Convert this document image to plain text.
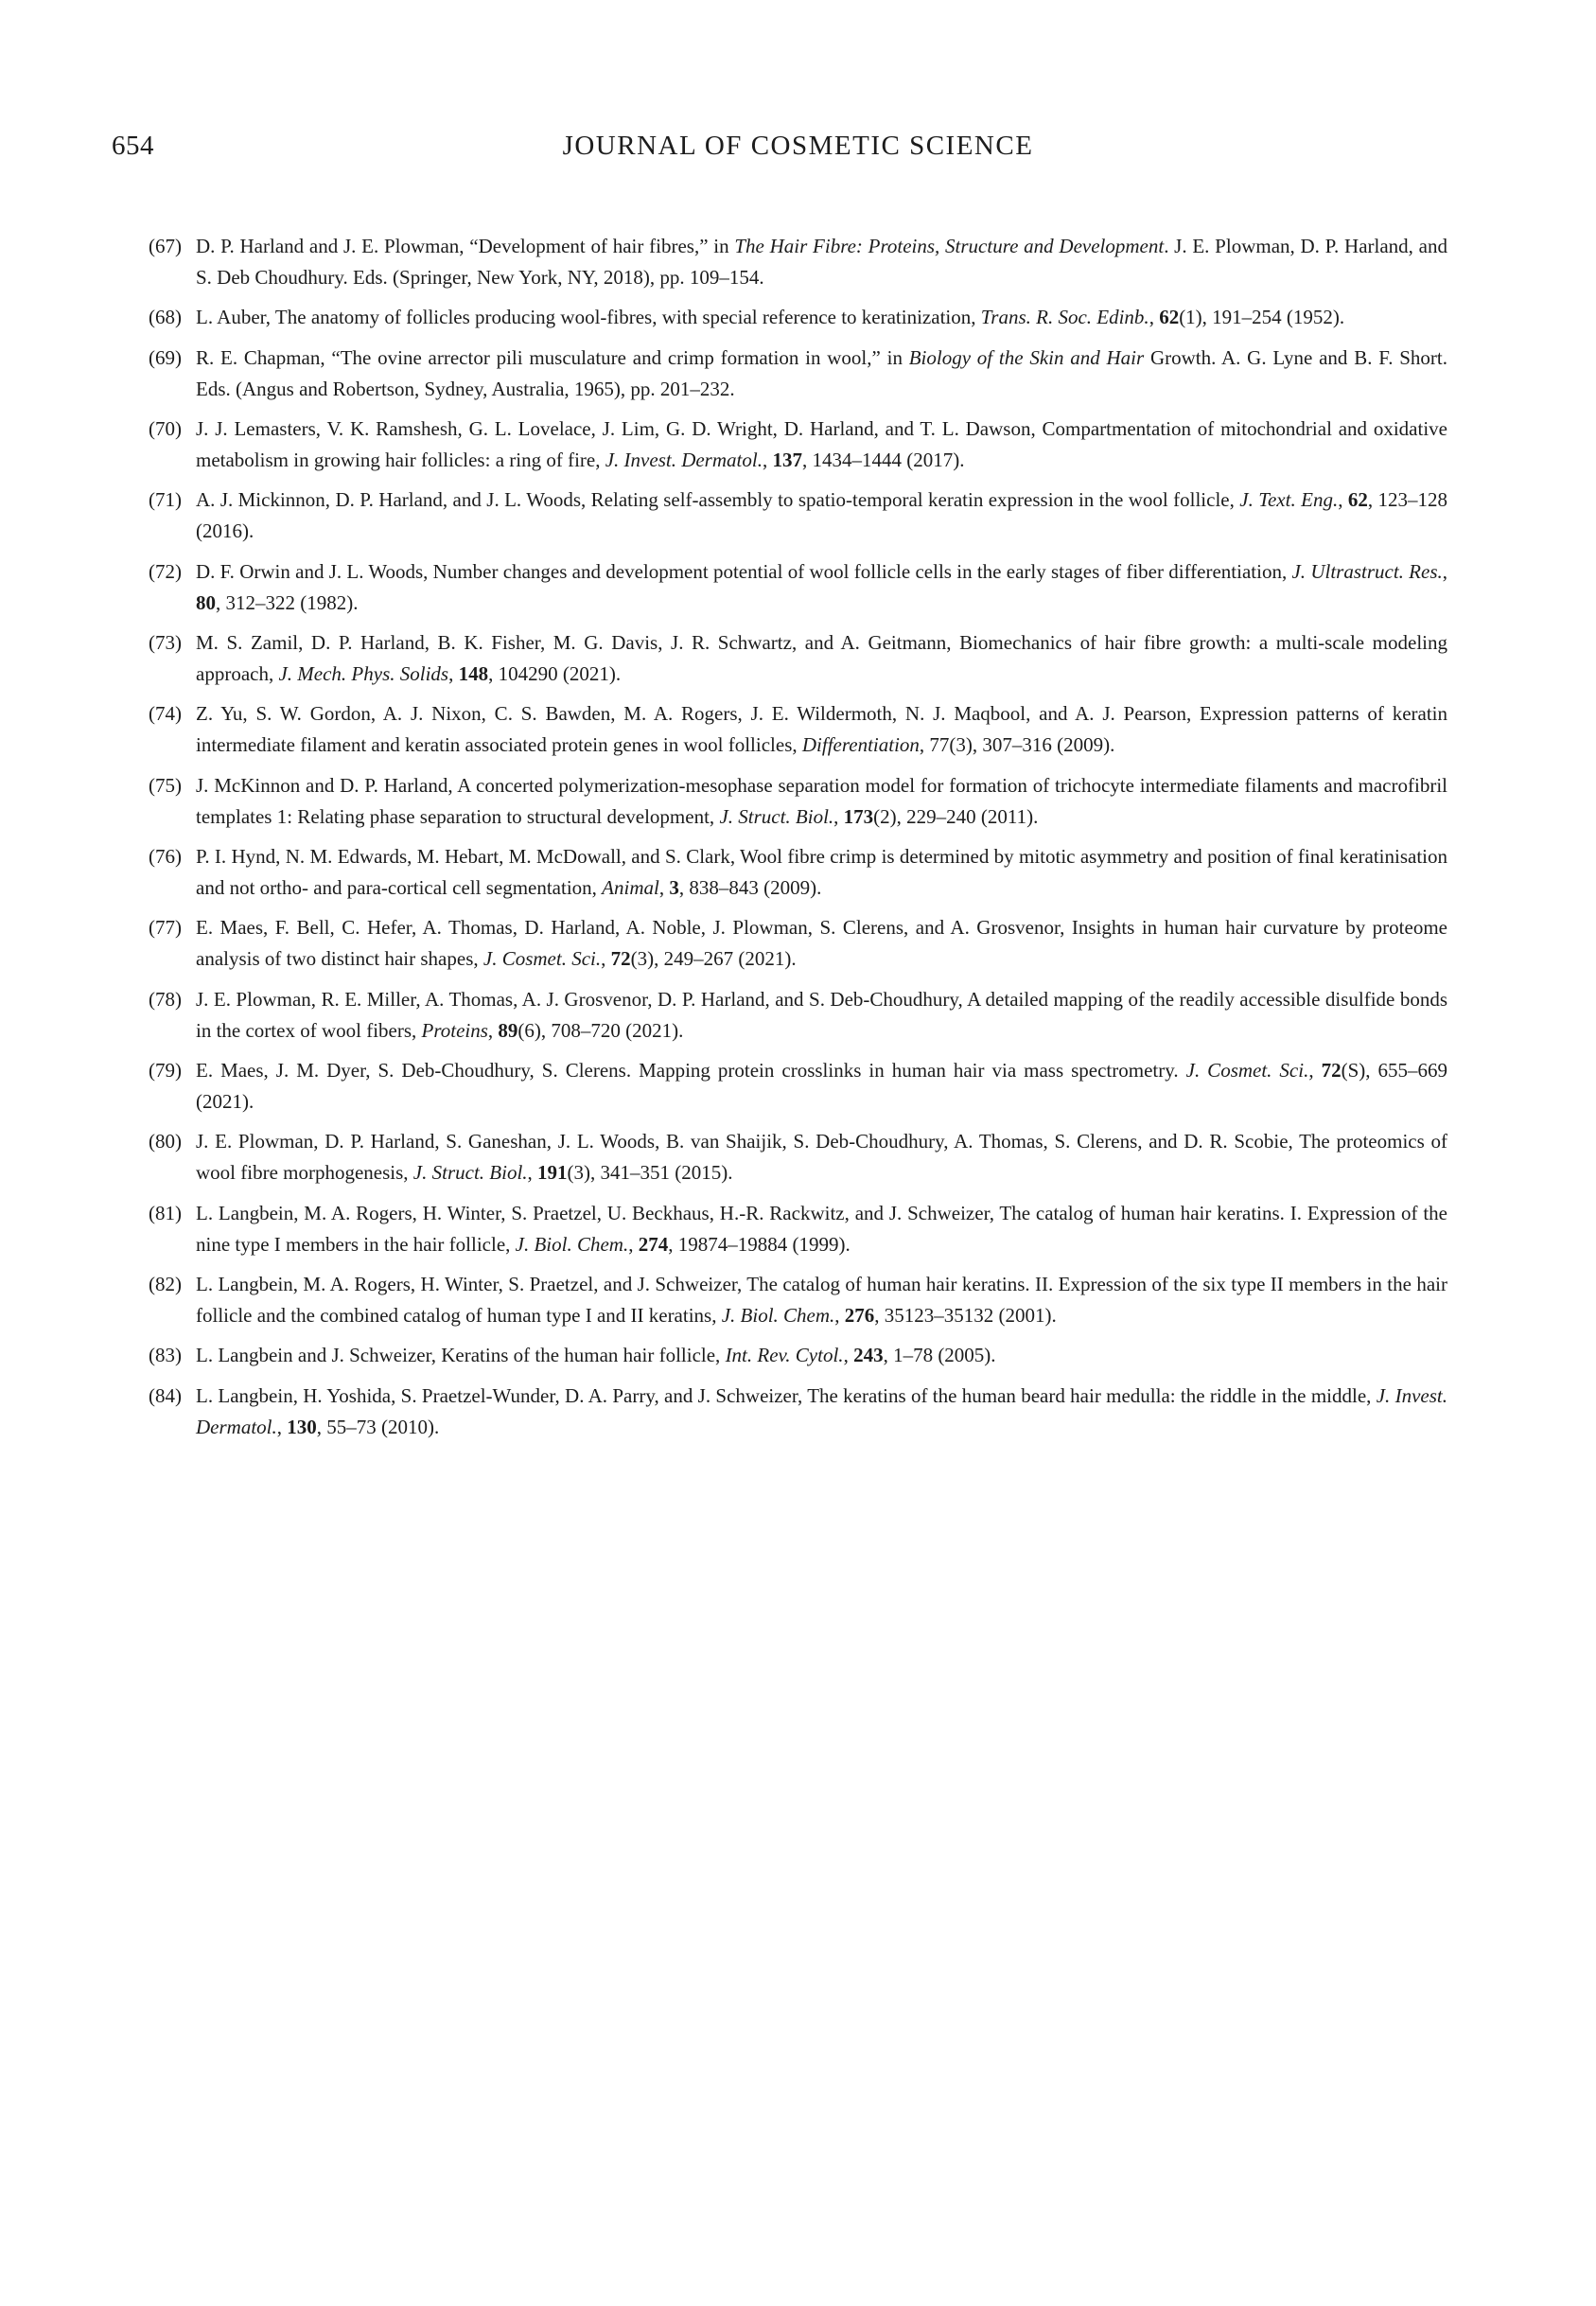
654	JOURNAL OF COSMETIC SCIENCE
(67) D. P. Harland and J. E. Plowman, “Development of hair fibres,” in The Hair Fibre: Proteins, Structure and Development. J. E. Plowman, D. P. Harland, and S. Deb Choudhury. Eds. (Springer, New York, NY, 2018), pp. 109–154.
(68) L. Auber, The anatomy of follicles producing wool-fibres, with special reference to keratinization, Trans. R. Soc. Edinb., 62(1), 191–254 (1952).
(69) R. E. Chapman, “The ovine arrector pili musculature and crimp formation in wool,” in Biology of the Skin and Hair Growth. A. G. Lyne and B. F. Short. Eds. (Angus and Robertson, Sydney, Australia, 1965), pp. 201–232.
(70) J. J. Lemasters, V. K. Ramshesh, G. L. Lovelace, J. Lim, G. D. Wright, D. Harland, and T. L. Dawson, Compartmentation of mitochondrial and oxidative metabolism in growing hair follicles: a ring of fire, J. Invest. Dermatol., 137, 1434–1444 (2017).
(71) A. J. Mickinnon, D. P. Harland, and J. L. Woods, Relating self-assembly to spatio-temporal keratin expression in the wool follicle, J. Text. Eng., 62, 123–128 (2016).
(72) D. F. Orwin and J. L. Woods, Number changes and development potential of wool follicle cells in the early stages of fiber differentiation, J. Ultrastruct. Res., 80, 312–322 (1982).
(73) M. S. Zamil, D. P. Harland, B. K. Fisher, M. G. Davis, J. R. Schwartz, and A. Geitmann, Biomechanics of hair fibre growth: a multi-scale modeling approach, J. Mech. Phys. Solids, 148, 104290 (2021).
(74) Z. Yu, S. W. Gordon, A. J. Nixon, C. S. Bawden, M. A. Rogers, J. E. Wildermoth, N. J. Maqbool, and A. J. Pearson, Expression patterns of keratin intermediate filament and keratin associated protein genes in wool follicles, Differentiation, 77(3), 307–316 (2009).
(75) J. McKinnon and D. P. Harland, A concerted polymerization-mesophase separation model for formation of trichocyte intermediate filaments and macrofibril templates 1: Relating phase separation to structural development, J. Struct. Biol., 173(2), 229–240 (2011).
(76) P. I. Hynd, N. M. Edwards, M. Hebart, M. McDowall, and S. Clark, Wool fibre crimp is determined by mitotic asymmetry and position of final keratinisation and not ortho- and para-cortical cell segmentation, Animal, 3, 838–843 (2009).
(77) E. Maes, F. Bell, C. Hefer, A. Thomas, D. Harland, A. Noble, J. Plowman, S. Clerens, and A. Grosvenor, Insights in human hair curvature by proteome analysis of two distinct hair shapes, J. Cosmet. Sci., 72(3), 249–267 (2021).
(78) J. E. Plowman, R. E. Miller, A. Thomas, A. J. Grosvenor, D. P. Harland, and S. Deb-Choudhury, A detailed mapping of the readily accessible disulfide bonds in the cortex of wool fibers, Proteins, 89(6), 708–720 (2021).
(79) E. Maes, J. M. Dyer, S. Deb-Choudhury, S. Clerens. Mapping protein crosslinks in human hair via mass spectrometry. J. Cosmet. Sci., 72(S), 655–669 (2021).
(80) J. E. Plowman, D. P. Harland, S. Ganeshan, J. L. Woods, B. van Shaijik, S. Deb-Choudhury, A. Thomas, S. Clerens, and D. R. Scobie, The proteomics of wool fibre morphogenesis, J. Struct. Biol., 191(3), 341–351 (2015).
(81) L. Langbein, M. A. Rogers, H. Winter, S. Praetzel, U. Beckhaus, H.-R. Rackwitz, and J. Schweizer, The catalog of human hair keratins. I. Expression of the nine type I members in the hair follicle, J. Biol. Chem., 274, 19874–19884 (1999).
(82) L. Langbein, M. A. Rogers, H. Winter, S. Praetzel, and J. Schweizer, The catalog of human hair keratins. II. Expression of the six type II members in the hair follicle and the combined catalog of human type I and II keratins, J. Biol. Chem., 276, 35123–35132 (2001).
(83) L. Langbein and J. Schweizer, Keratins of the human hair follicle, Int. Rev. Cytol., 243, 1–78 (2005).
(84) L. Langbein, H. Yoshida, S. Praetzel-Wunder, D. A. Parry, and J. Schweizer, The keratins of the human beard hair medulla: the riddle in the middle, J. Invest. Dermatol., 130, 55–73 (2010).
